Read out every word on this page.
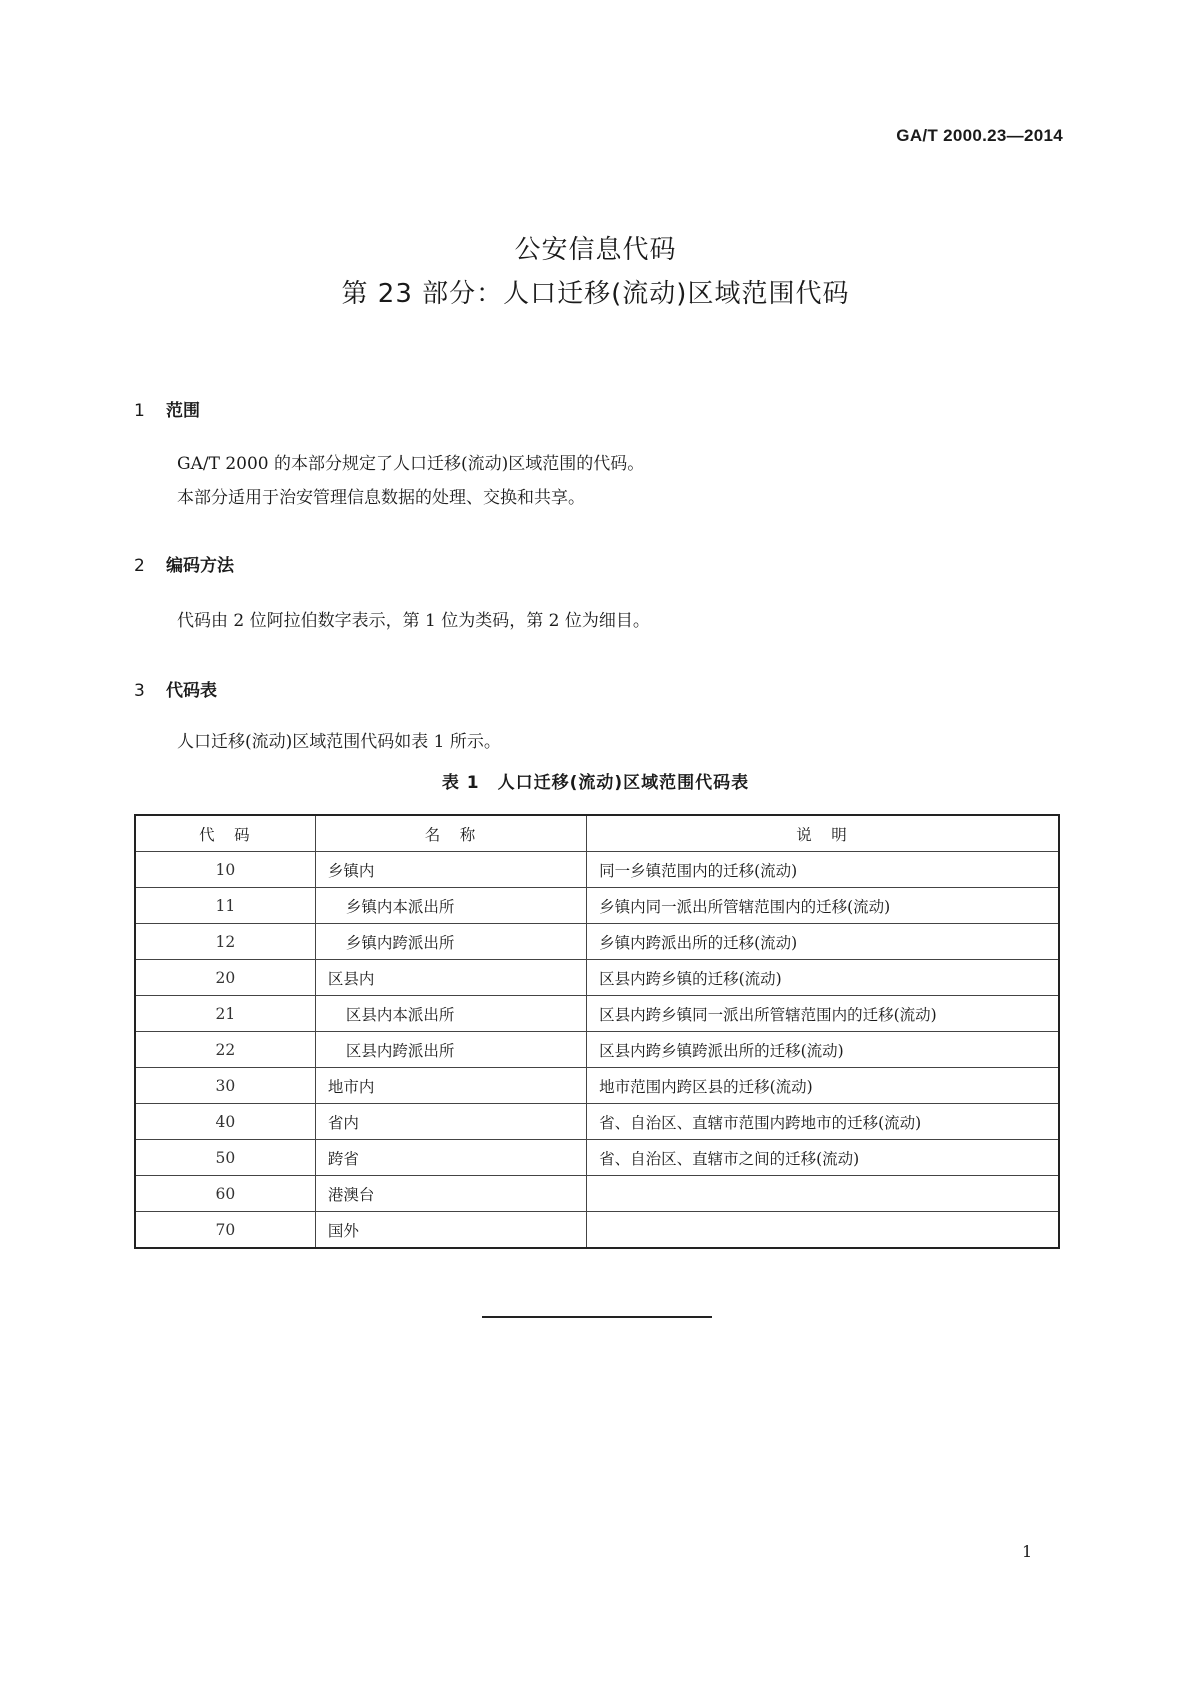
GA/T 2000.23—2014
公安信息代码
第 23 部分：人口迁移(流动)区域范围代码
1 范围
GA/T 2000 的本部分规定了人口迁移(流动)区域范围的代码。
本部分适用于治安管理信息数据的处理、交换和共享。
2 编码方法
代码由 2 位阿拉伯数字表示，第 1 位为类码，第 2 位为细目。
3 代码表
人口迁移(流动)区域范围代码如表 1 所示。
表 1　人口迁移(流动)区域范围代码表
代　码	名　称	说　明
10	乡镇内	同一乡镇范围内的迁移(流动)
11	乡镇内本派出所	乡镇内同一派出所管辖范围内的迁移(流动)
12	乡镇内跨派出所	乡镇内跨派出所的迁移(流动)
20	区县内	区县内跨乡镇的迁移(流动)
21	区县内本派出所	区县内跨乡镇同一派出所管辖范围内的迁移(流动)
22	区县内跨派出所	区县内跨乡镇跨派出所的迁移(流动)
30	地市内	地市范围内跨区县的迁移(流动)
40	省内	省、自治区、直辖市范围内跨地市的迁移(流动)
50	跨省	省、自治区、直辖市之间的迁移(流动)
60	港澳台	
70	国外	
1
